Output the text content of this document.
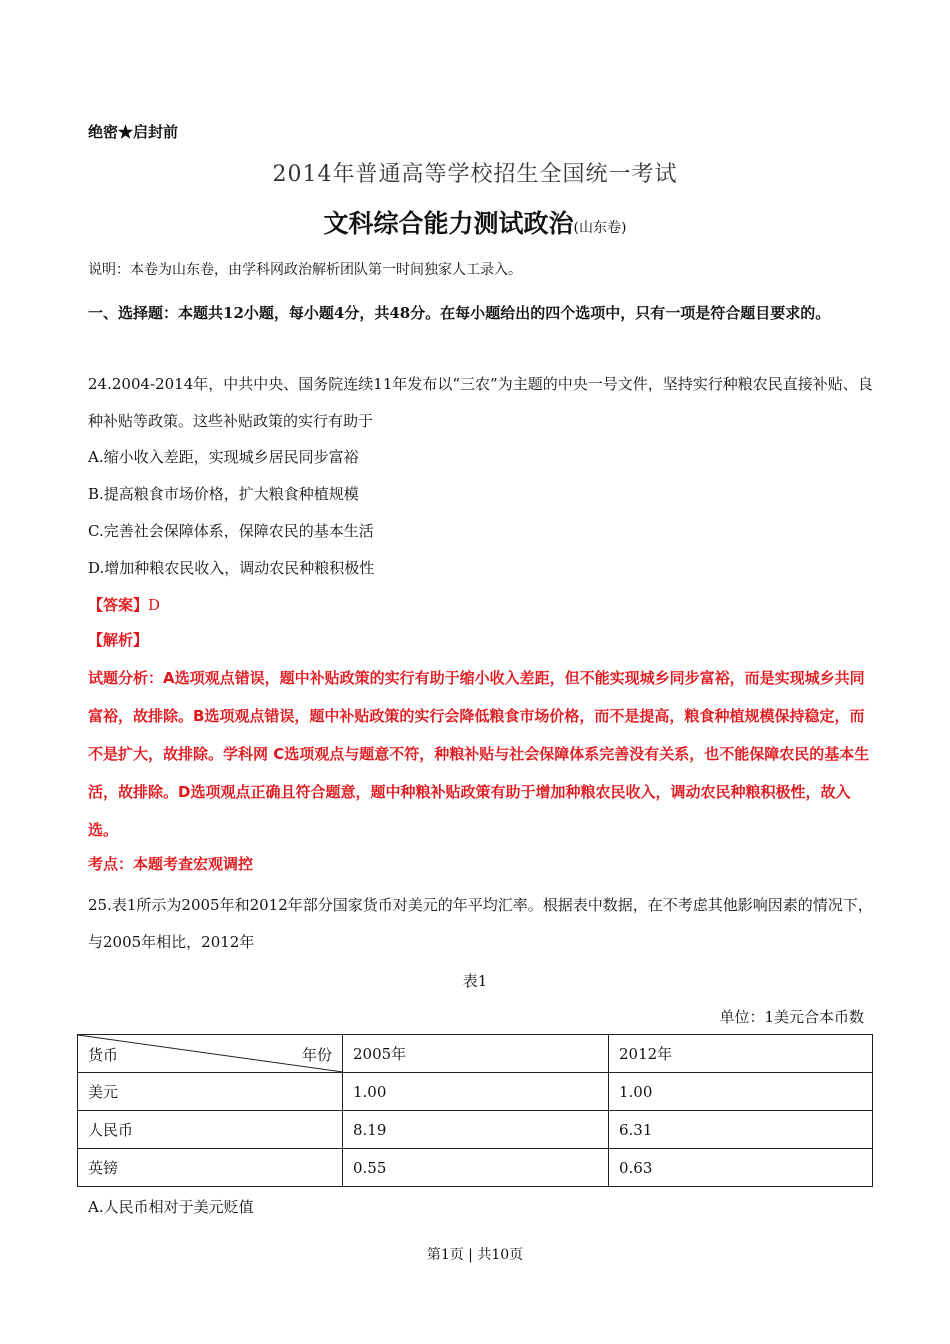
绝密★启封前
2014年普通高等学校招生全国统一考试
文科综合能力测试政治(山东卷)
说明：本卷为山东卷，由学科网政治解析团队第一时间独家人工录入。
一、选择题：本题共12小题，每小题4分，共48分。在每小题给出的四个选项中，只有一项是符合题目要求的。
24.2004-2014年，中共中央、国务院连续11年发布以“三农”为主题的中央一号文件，坚持实行种粮农民直接补贴、良种补贴等政策。这些补贴政策的实行有助于
A.缩小收入差距，实现城乡居民同步富裕
B.提高粮食市场价格，扩大粮食种植规模
C.完善社会保障体系，保障农民的基本生活
D.增加种粮农民收入，调动农民种粮积极性
【答案】D
【解析】
试题分析：A选项观点错误，题中补贴政策的实行有助于缩小收入差距，但不能实现城乡同步富裕，而是实现城乡共同富裕，故排除。B选项观点错误，题中补贴政策的实行会降低粮食市场价格，而不是提高，粮食种植规模保持稳定，而不是扩大，故排除。学科网 C选项观点与题意不符，种粮补贴与社会保障体系完善没有关系，也不能保障农民的基本生活，故排除。D选项观点正确且符合题意，题中种粮补贴政策有助于增加种粮农民收入，调动农民种粮积极性，故入选。
考点：本题考查宏观调控
25.表1所示为2005年和2012年部分国家货币对美元的年平均汇率。根据表中数据，在不考虑其他影响因素的情况下，与2005年相比，2012年
表1
单位：1美元合本币数
货币 年份	2005年	2012年
美元	1.00	1.00
人民币	8.19	6.31
英镑	0.55	0.63
A.人民币相对于美元贬值
第1页 | 共10页
